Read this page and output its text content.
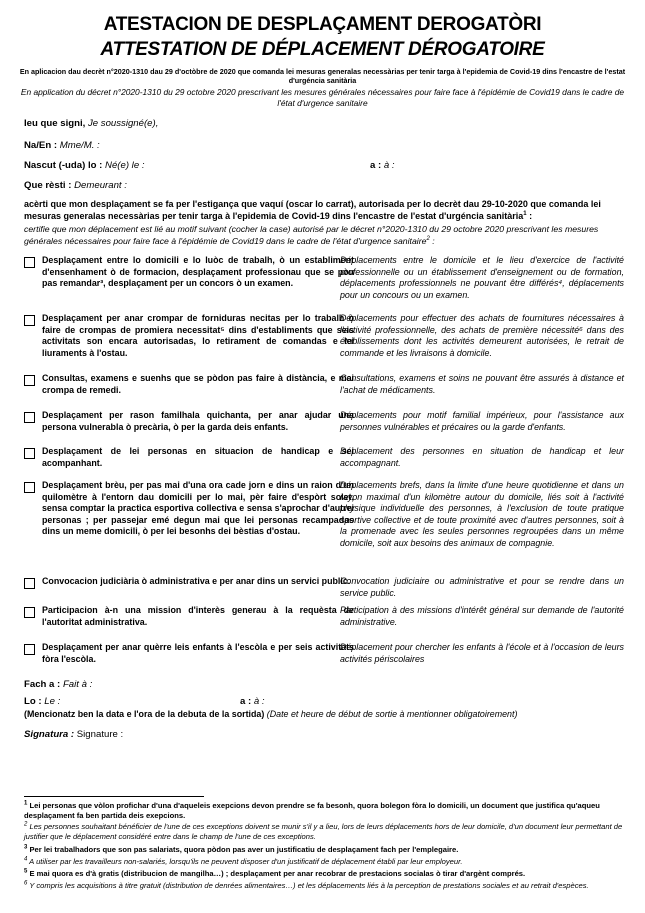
ATESTACION DE DESPLAÇAMENT DEROGATÒRI
ATTESTATION DE DÉPLACEMENT DÉROGATOIRE
En aplicacion dau decrèt n°2020-1310 dau 29 d'octòbre de 2020 que comanda lei mesuras generalas necessàrias per tenir targa à l'epidemia de Covid-19 dins l'encastre de l'estat d'urgéncia sanitària
En application du décret n°2020-1310 du 29 octobre 2020 prescrivant les mesures générales nécessaires pour faire face à l'épidémie de Covid19 dans le cadre de l'état d'urgence sanitaire
Ieu que signi, Je soussigné(e),
Na/En : Mme/M. :
Nascut (-uda) lo : Né(e) le :	a : à :
Que rèsti : Demeurant :
acèrti que mon desplaçament se fa per l'estigança que vaquí (oscar lo carrat), autorisada per lo decrèt dau 29-10-2020 que comanda lei mesuras generalas necessàrias per tenir targa à l'epidemia de Covid-19 dins l'encastre de l'estat d'urgéncia sanitària$^1$ :
certifie que mon déplacement est lié au motif suivant (cocher la case) autorisé par le décret n°2020-1310 du 29 octobre 2020 prescrivant les mesures générales nécessaires pour faire face à l'épidémie de Covid19 dans le cadre de l'état d'urgence sanitaire$^2$ :
Desplaçament entre lo domicili e lo luòc de trabalh, ò un establiment d'ensenhament ò de formacion, desplaçament professionau que se pòu pas remandar³, desplaçament per un concors ò un examen.
Déplacements entre le domicile et le lieu d'exercice de l'activité professionnelle ou un établissement d'enseignement ou de formation, déplacements professionnels ne pouvant être différés⁴, déplacements pour un concours ou un examen.
Desplaçament per anar crompar de forniduras necitas per lo trabalh ò faire de crompas de promiera necessitat⁵ dins d'establiments que seis activitats son encara autorisadas, lo retirament de comandas e lei liuraments à l'ostau.
Déplacements pour effectuer des achats de fournitures nécessaires à l'activité professionnelle, des achats de première nécessité⁶ dans des établissements dont les activités demeurent autorisées, le retrait de commande et les livraisons à domicile.
Consultas, examens e suenhs que se pòdon pas faire à distància, e mai crompa de remedi.
Consultations, examens et soins ne pouvant être assurés à distance et l'achat de médicaments.
Desplaçament per rason familhala quichanta, per anar ajudar una persona vulnerabla ò precària, ò per la garda deis enfants.
Déplacements pour motif familial impérieux, pour l'assistance aux personnes vulnérables et précaires ou la garde d'enfants.
Desplaçament de lei personas en situacion de handicap e sei acompanhant.
Déplacement des personnes en situation de handicap et leur accompagnant.
Desplaçament brèu, per pas mai d'una ora cade jorn e dins un raion d'un quilomètre à l'entorn dau domicili per lo mai, pèr faire d'espòrt solet, sensa comptar la practica esportiva collectiva e sensa s'aprochar d'autrei personas ; per passejar emé degun mai que lei personas recampadas dins un meme domicili, ò per lei besonhs dei bèstias d'ostau.
Déplacements brefs, dans la limite d'une heure quotidienne et dans un rayon maximal d'un kilomètre autour du domicile, liés soit à l'activité physique individuelle des personnes, à l'exclusion de toute pratique sportive collective et de toute proximité avec d'autres personnes, soit à la promenade avec les seules personnes regroupées dans un même domicile, soit aux besoins des animaux de compagnie.
Convocacion judiciària ò administrativa e per anar dins un servici public.
Convocation judiciaire ou administrative et pour se rendre dans un service public.
Participacion à-n una mission d'interès generau à la requèsta de l'autoritat administrativa.
Participation à des missions d'intérêt général sur demande de l'autorité administrative.
Desplaçament per anar quèrre leis enfants à l'escòla e per seis activitats fòra l'escòla.
Déplacement pour chercher les enfants à l'école et à l'occasion de leurs activités périscolaires
Fach a : Fait à :
Lo : Le :	a : à :
(Mencionatz ben la data e l'ora de la debuta de la sortida) (Date et heure de début de sortie à mentionner obligatoirement)
Signatura : Signature :
$^1$ Lei personas que vòlon profichar d'una d'aqueleis exepcions devon prendre se fa besonh, quora bolegon fòra lo domicili, un document que justifica qu'aqueu desplaçament fa ben partida deis exepcions.
$^2$ Les personnes souhaitant bénéficier de l'une de ces exceptions doivent se munir s'il y a lieu, lors de leurs déplacements hors de leur domicile, d'un document leur permettant de justifier que le déplacement considéré entre dans le champ de l'une de ces exceptions.
$^3$ Per lei trabalhadors que son pas salariats, quora pòdon pas aver un justificatiu de desplaçament fach per l'emplegaire.
$^4$ A utiliser par les travailleurs non-salariés, lorsqu'ils ne peuvent disposer d'un justificatif de déplacement établi par leur employeur.
$^5$ E mai quora es d'à gratis (distribucion de mangilha…) ; desplaçament per anar recobrar de prestacions socialas ò tirar d'argènt comprés.
$^6$ Y compris les acquisitions à titre gratuit (distribution de denrées alimentaires…) et les déplacements liés à la perception de prestations sociales et au retrait d'espèces.
